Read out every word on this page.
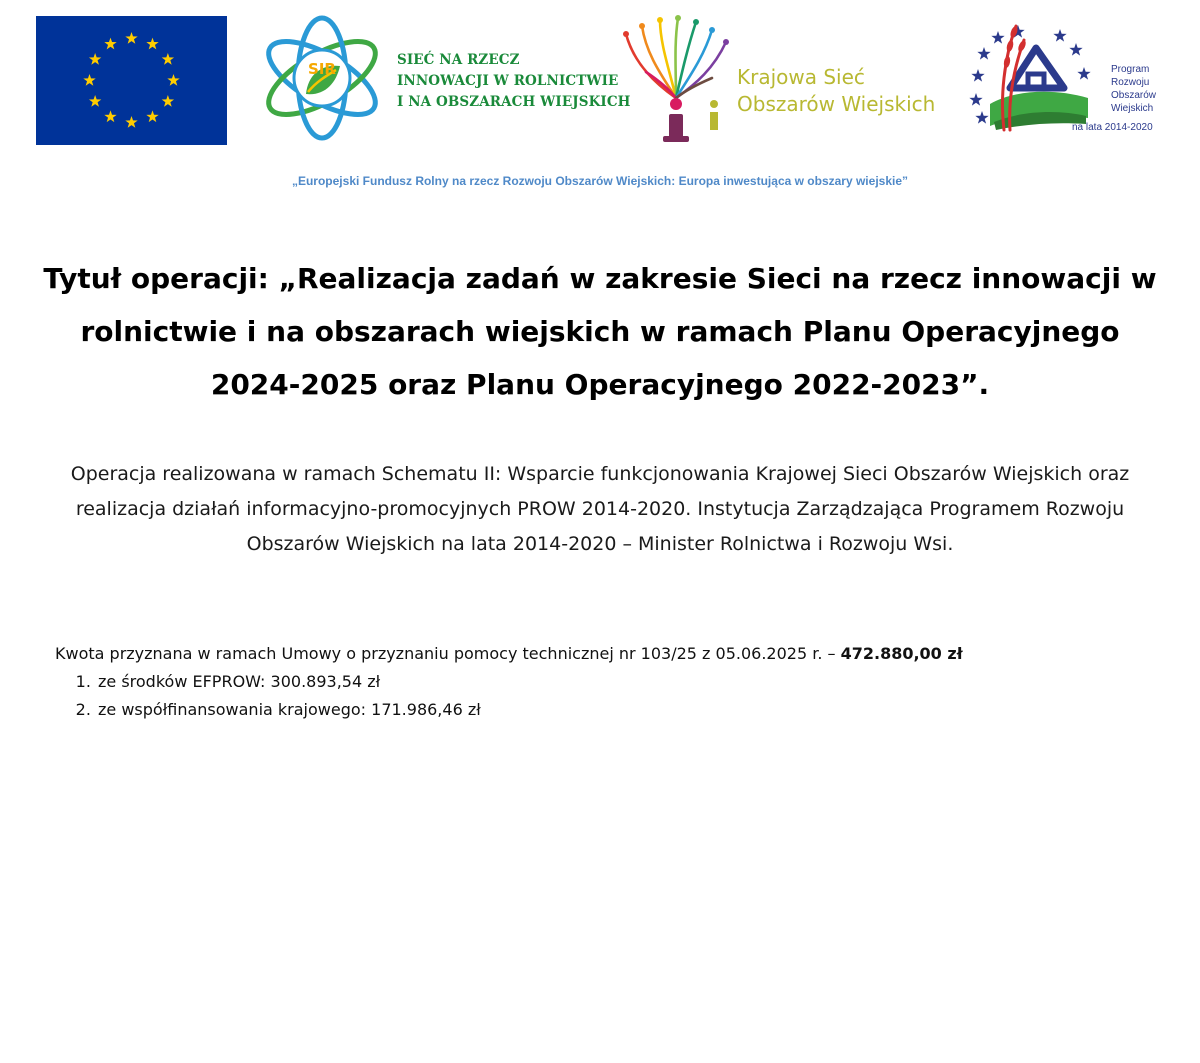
SIR	SIEĆ NA RZECZ
INNOWACJI W ROLNICTWIE
I NA OBSZARACH WIEJSKICH
Krajowa Sieć
Obszarów Wiejskich
Program
Rozwoju
Obszarów
Wiejskich
na lata 2014-2020

„Europejski Fundusz Rolny na rzecz Rozwoju Obszarów Wiejskich: Europa inwestująca w obszary wiejskie”

Tytuł operacji: „Realizacja zadań w zakresie Sieci na rzecz innowacji w rolnictwie i na obszarach wiejskich w ramach Planu Operacyjnego 2024-2025 oraz Planu Operacyjnego 2022-2023”.

Operacja realizowana w ramach Schematu II: Wsparcie funkcjonowania Krajowej Sieci Obszarów Wiejskich oraz realizacja działań informacyjno-promocyjnych PROW 2014-2020. Instytucja Zarządzająca Programem Rozwoju Obszarów Wiejskich na lata 2014-2020 – Minister Rolnictwa i Rozwoju Wsi.

Kwota przyznana w ramach Umowy o przyznaniu pomocy technicznej nr 103/25 z 05.06.2025 r. – 472.880,00 zł
1. ze środków EFPROW: 300.893,54 zł
2. ze współfinansowania krajowego: 171.986,46 zł
